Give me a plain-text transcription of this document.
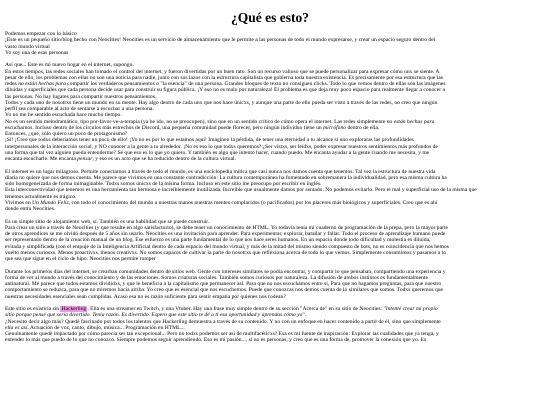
¿Qué es esto?
Podemos empezar con lo básico
¡Este es un pequeño sitio/blog hecho con Neocities! Neocities es un servicio de almacenamiento que le permite a las personas de todo el mundo expresarse, y crear un espacio seguro dentro del
vasto mundo virtual
Yo soy una de esas personas
Así que... Este es mi nuevo hogar en el internet, supongo.
En estos tiempos, las redes sociales han tomado el control del internet, y fueron divertidas por un buen rato. Son un recurso valioso que se puede personalizar para expresar cómo unx se siente. A
pesar de ello, los problemas con ellas no son una noticia para nadie, junto con sus lazos con la estructura capitalista que gobierna toda nuestra existencia. Es precisamente por esa estructura que las
redes no están hechas para compartir los verdaderos pensamientos o "la esencia" de una persona. Grandes bloques de texto no consiguen clicks. Todo lo que vemos dentro de ellas son las imágenes
diluidas y superficiales que cada persona decide usar para construir su figura pública. ¡Y eso no es malo por naturaleza! El problema es que deja muy poco espacio para realmente llegar a conocer a
las personas. No hay lugares para compartir nuestros pensamientos.
Todos y cada uno de nosotrxs tiene un mundo en su mente. Hay algo dentro de cada unx que nos hace únicxs, y aunque una parte de ello pueda ser visto a través de las redes, no creo que ningún
perfil sea comparable al acto de sentarse a escuchar a una persona.
Yo no me he sentido escuchada hace mucho tiempo.
No es un sentido melodramático, tipo por-favor-ve-a-terapia (ya he ido, no se preocupen), sino que en un sentido crítico de cómo opera el internet. Las redes simplemente no están hechas para
escucharnos. Incluso dentro de los círculos más estrechos de Discord, una pequeña comunidad puede florecer, pero ningún individuo tiene un micrófono dentro de ella.
Entonces, ¿qué, sólo quiero un poco de protagonismo?
¡Sí! ¡Creo que todxs deberíamos tener un poco de ello! ¡Yo no es por lo que estamos aquí! Imaginen la pérdida, de tener una eternidad a tu alcance si uno exploraras las profundidades
interpersonales de la interacción social, y NO conocer a la gente a tu alrededor. ¡No es eso lo que todxs queremos? ¿Ser vistxs, ser leídxs, poder expresar nuestros sentimientos más profundos de
una forma que tal vez alguien pueda entenderme? Sé que eso es lo que yo quiero. Y también es algo que intento hacer, cuando puedo. Me encanta ayudar a la gente cuando me necesita, y me
encanta escucharle. Me encanta pensar, y eso es un acto que se ha reducido dentro de la cultura virtual.
El internet es un lugar milagroso. Permite conectarnos a través de todo el mundo, es una enciclopedia mítica que casi nunca nos damos cuenta que tenemos. Tal vez la estructura de nuestra vida
diaria no quiere que nos demos cuenta. Me parece que vivimos en una constante contradicción: La cultura contemporánea ha fomentado en sobremanera la individualidad, pero esa misma cultura ha
sido homogeneizada de forma inimaginable. Todxs somos únicxs de la misma forma. Incluso en este sitio me preocupo por escribir en inglés.
Esta interconectividad que tenemos es una herramienta tan hermosa e increíblemente inutilizada. Increíble que usualmente damos por sentado. No podemos evitarlo. Pero el mal y superficial uso de la misma que
tenemos actualmente es trágico.
Vivimos en Un Mundo Feliz, con todo el conocimiento del mundo a nuestras manos nuestras mentes complacidos (o pacificados) por los placeres más biológicos y superficiales. Creo que es ahí
donde entra Neocities.
Es un simple sitio de alojamiento web, sí. También es una habilidad que se puede construir.
Para crear un sitio a través de Neocities (y que resulte en algo satisfactorio), se debe tener un conocimiento de HTML. Yo todavía tenía mi cuaderno de programación de la prepa, pero la mayor parte
de otros aprendices se me olvidó después de 5 años sin usarlo. Neocities es una invitación para aprender. Para experimentar, explorar, batallar y fallar. Todo el proceso de aprendizaje humano puede
ser representado dentro de la creación manual de un blog. Ese esfuerzo es una parte fundamental de lo que nos hace seres humanos. En un espacio donde todo dificultad y molestia es diluida,
evitada y simplificada (con el empuje de la Inteligencia Artificial dentro de cada espacio del mundo virtual, y más de la mitad del mismo siendo compuesto de bots, no es coincidencia que nos hemos
vuelto menos curiosxs. Menos proactivxs, menos creativxs. No somos capaces de cultivar la parte de nosotrxs que reflexiona acerca de todo lo que vemos. Simplemente consumimos y pasamos a lo
que sea que sigue en el ciclo de hipo. Neocities nos permite romper
Durante los primeros días del internet, se crearban comunidades dentro de sitios web. Gente con intereses similares se podía encontrar, y compartir lo que pensaban, compartiendo una experiencia y
forma de ver al mundo a través del conocimiento y de las emociones. Somos criaturas sociales. También somos curiosos por naturaleza. La difusión de ambos instintos es fundamentalmente
antinatural. Me parece que todos estamos divididxs, y que le beneficia a la capitalismo que permanecer así. Para que no nos escuchamos entre sí, Para que no hagamos preguntas, para que nuestro
comportamiento se reduzca, para que no miremos hacia arriba. Yo creo que es esencial que nos escuchemos. Puede que conozcas nos demos cuenta de lo similares que somos. Todxs queremos que
nuestras necesidades esenciales sean cumplidas. Acaso esa no es razón suficiente para sentir empatía por quienes nos rodean?
Este sitio es existiría sin Hackerling. Ella es una streamer en Twitch, y una Vtuber. Hay una frase muy simple dentro de su sección "Acerca de" en su sitio de Neocities: "Intenté crear mi propio
sitio porque pensé que sería divertido. Tenía razón. Es divertido. Espero que este sitio te dé a ti esa oportunidad y aprendas cómo yo".
¿Necesito decir algo más? Quedé fascinado por todos los talentos que Hackerling demuestra a través de su contenido. Y no con un enfoque en hacer contenido a partir de él, sino que simplemente
ella es así. Actuación de voz, canto, dibujo, música... Programación en HTML...
Genuinamente quedé impactado por cómo parecía ser tan excepcional... Pero no todxs podemos ser así de multifacéticxs? Esa es mi fuente de inspiración: Explorar las cualidades que ya tenga, y
entender lo más que puedo de lo que no conozco. Siempre podemos seguir aprendiendo. Eso es mi pasión..., si no es personas, y creo que es una forma de, promover la conexión que yo. Es
